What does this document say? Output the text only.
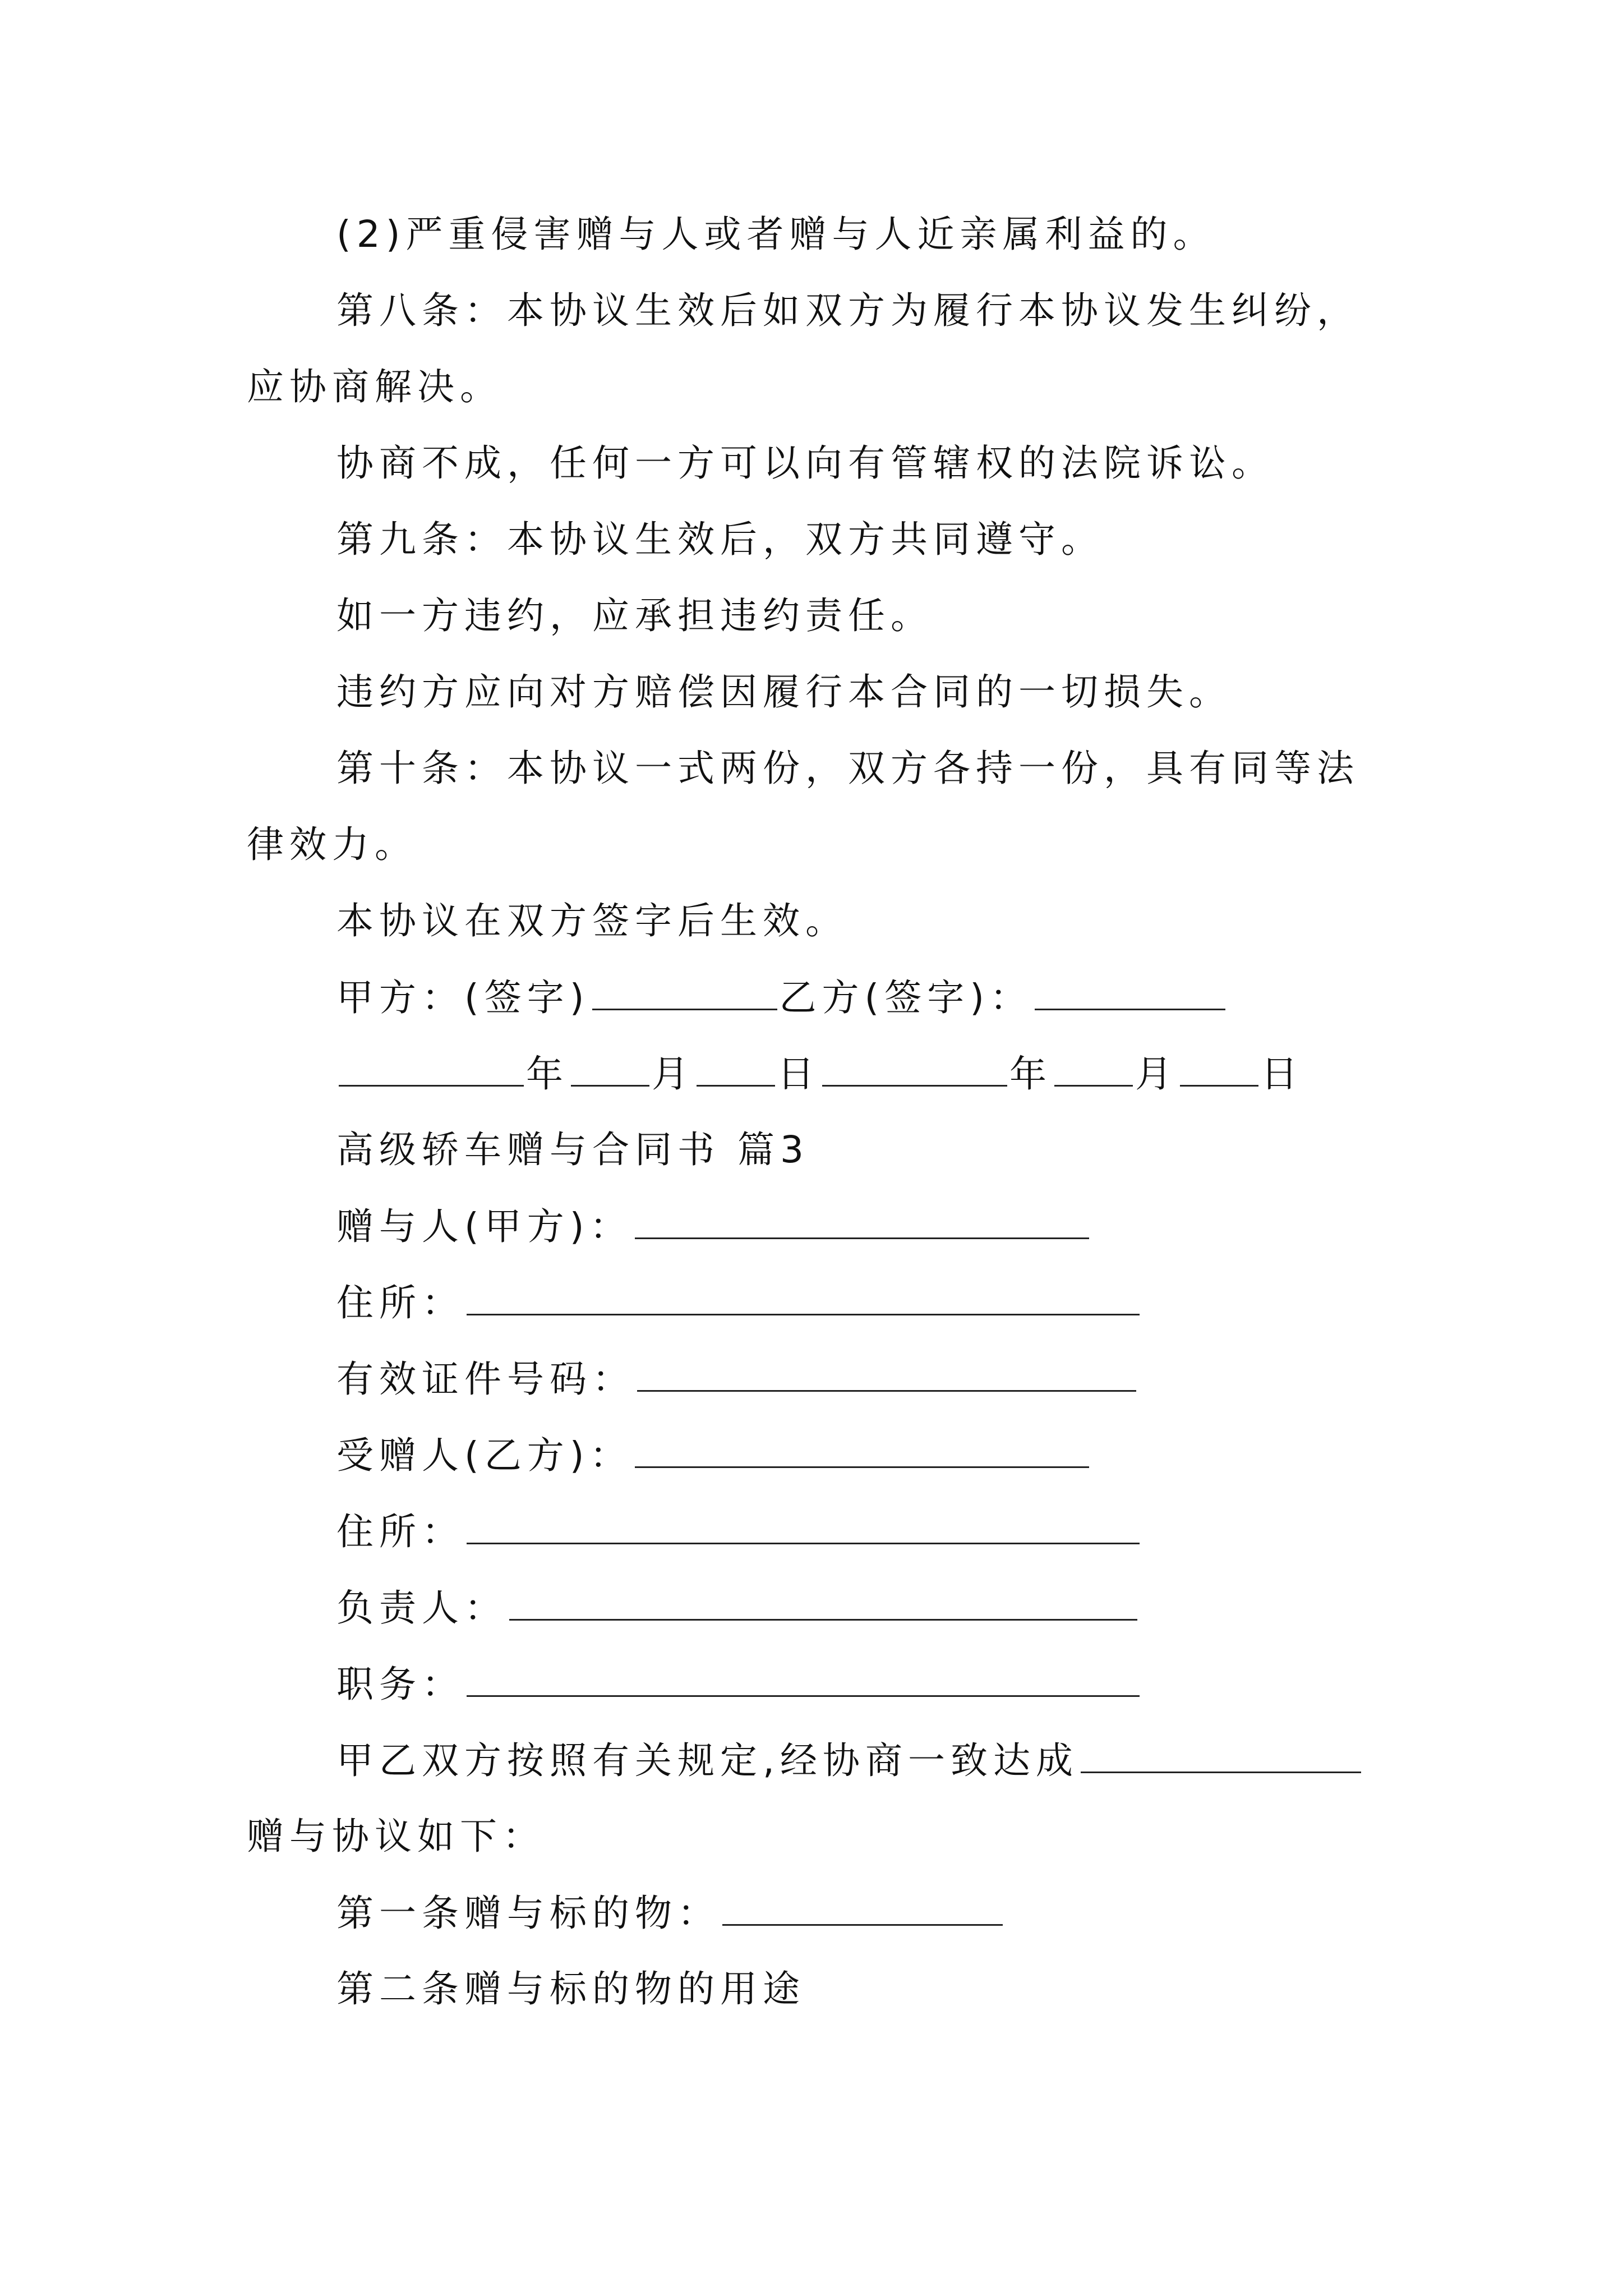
(2)严重侵害赠与人或者赠与人近亲属利益的。
第八条：本协议生效后如双方为履行本协议发生纠纷，
应协商解决。
协商不成，任何一方可以向有管辖权的法院诉讼。
第九条：本协议生效后，双方共同遵守。
如一方违约，应承担违约责任。
违约方应向对方赔偿因履行本合同的一切损失。
第十条：本协议一式两份，双方各持一份，具有同等法
律效力。
本协议在双方签字后生效。
甲方：(签字)	乙方(签字)：
年 月 日	年 月 日
高级轿车赠与合同书 篇3
赠与人(甲方)：
住所：
有效证件号码：
受赠人(乙方)：
住所：
负责人：
职务：
甲乙双方按照有关规定,经协商一致达成
赠与协议如下：
第一条赠与标的物：
第二条赠与标的物的用途
